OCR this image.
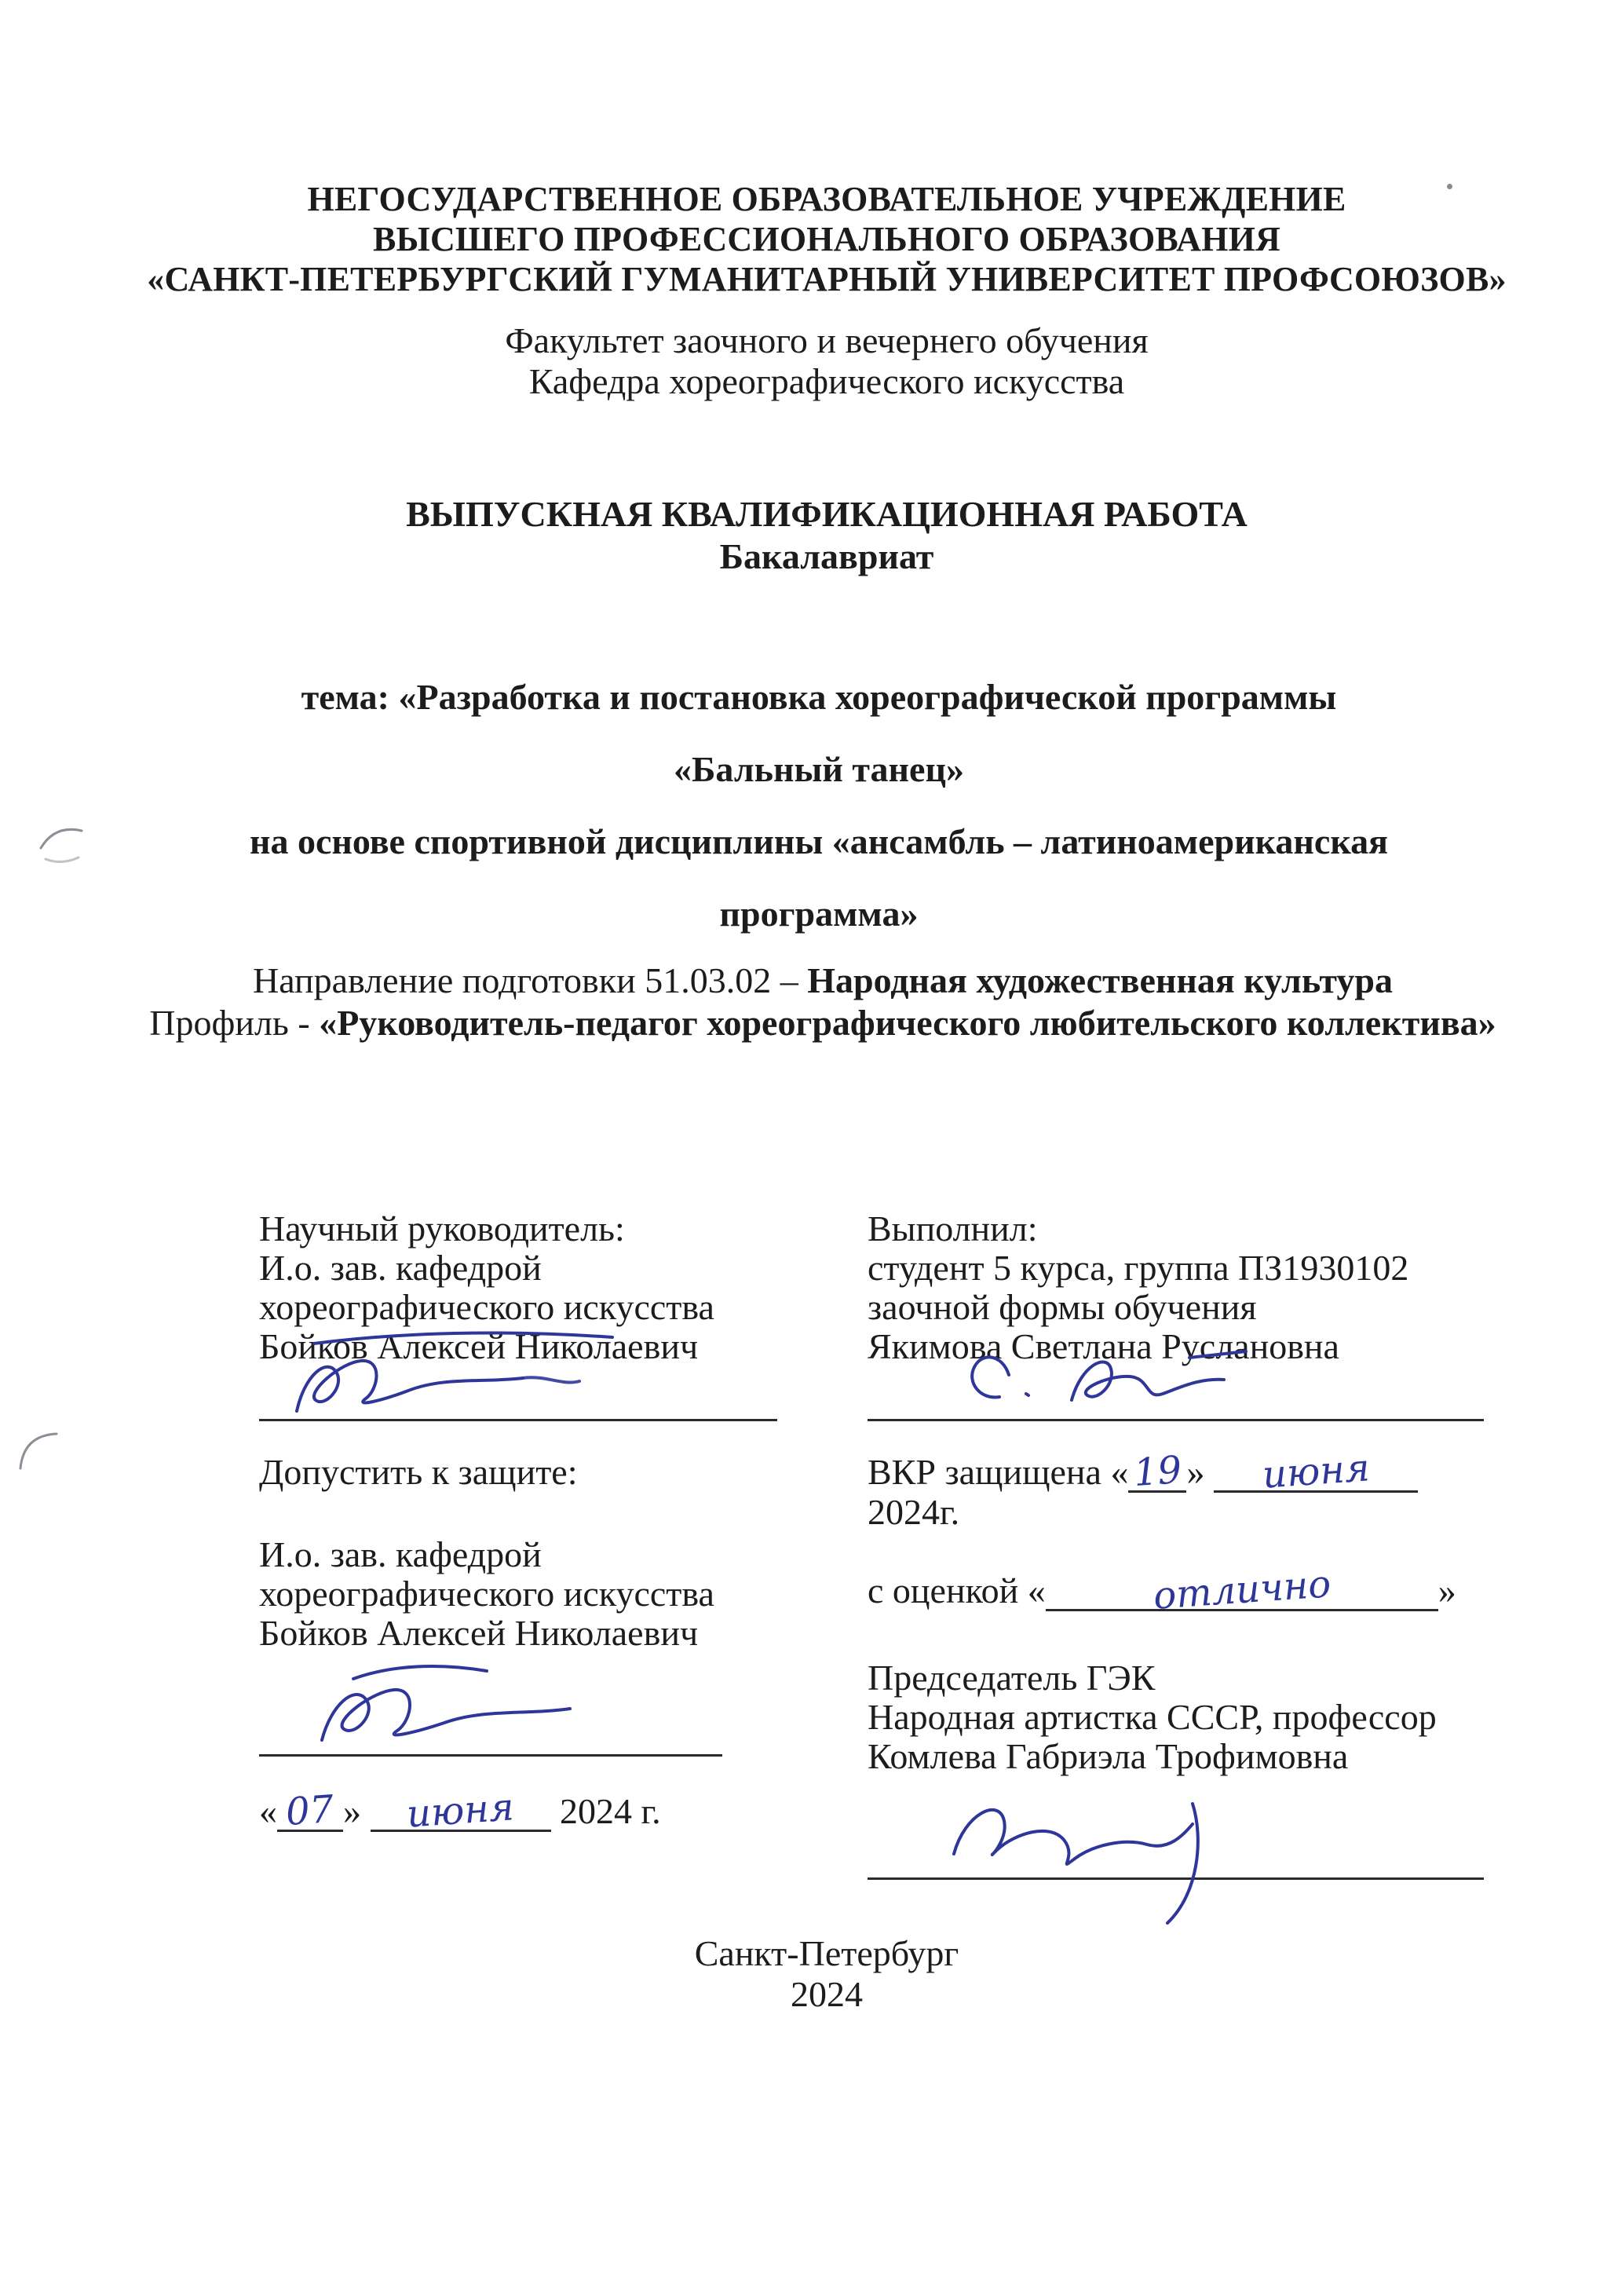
НЕГОСУДАРСТВЕННОЕ ОБРАЗОВАТЕЛЬНОЕ УЧРЕЖДЕНИЕ
ВЫСШЕГО ПРОФЕССИОНАЛЬНОГО ОБРАЗОВАНИЯ
«САНКТ-ПЕТЕРБУРГСКИЙ ГУМАНИТАРНЫЙ УНИВЕРСИТЕТ ПРОФСОЮЗОВ»
Факультет заочного и вечернего обучения
Кафедра хореографического искусства
ВЫПУСКНАЯ КВАЛИФИКАЦИОННАЯ РАБОТА
Бакалавриат
тема: «Разработка и постановка хореографической программы
«Бальный танец»
на основе спортивной дисциплины «ансамбль – латиноамериканская
программа»
Направление подготовки 51.03.02 – Народная художественная культура
Профиль - «Руководитель-педагог хореографического любительского коллектива»
Научный руководитель:
И.о. зав. кафедрой
хореографического искусства
Бойков Алексей Николаевич
Допустить к защите:
И.о. зав. кафедрой
хореографического искусства
Бойков Алексей Николаевич
« 07 » июня 2024 г.
Выполнил:
студент 5 курса, группа ПЗ1930102
заочной формы обучения
Якимова Светлана Руслановна
ВКР защищена «19» июня
2024г.
с оценкой «	отлично	»
Председатель ГЭК
Народная артистка СССР, профессор
Комлева Габриэла Трофимовна
Санкт-Петербург
2024
